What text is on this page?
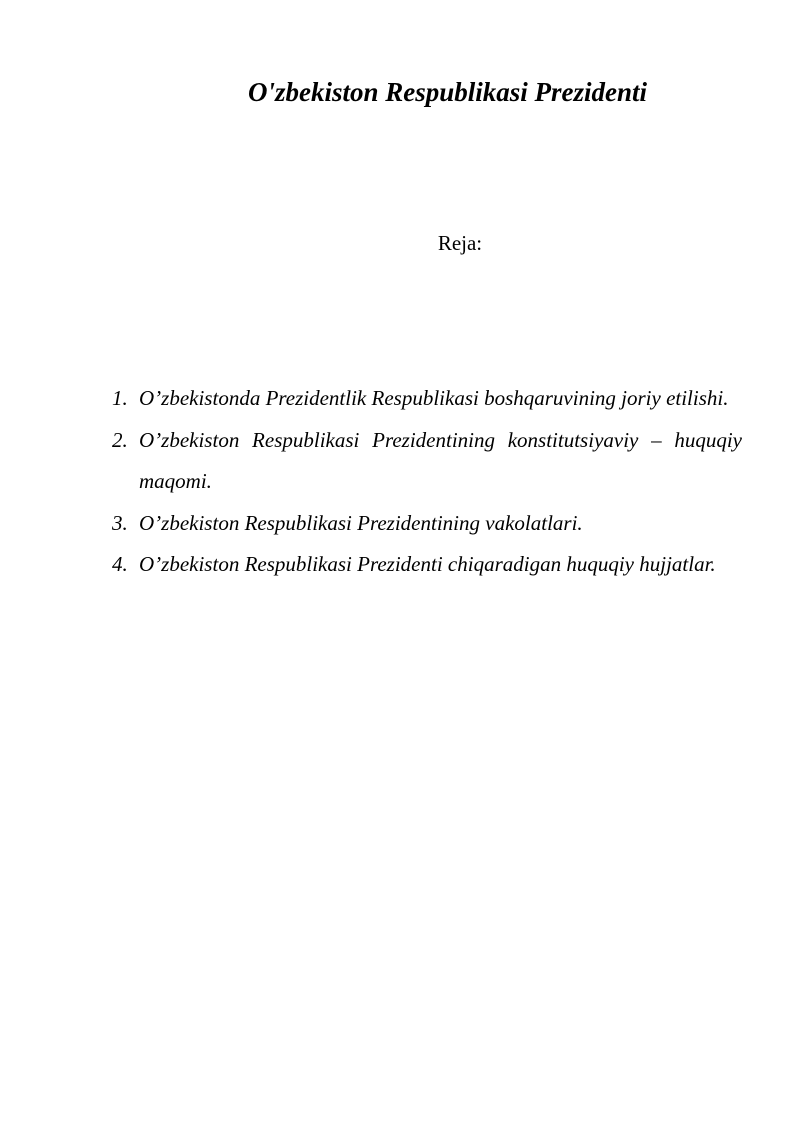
O'zbekiston Respublikasi Prezidenti
Reja:
1. O’zbekistonda Prezidentlik Respublikasi boshqaruvining joriy etilishi.
2. O’zbekiston Respublikasi Prezidentining konstitutsiyaviy – huquqiy maqomi.
3. O’zbekiston Respublikasi Prezidentining vakolatlari.
4. O’zbekiston Respublikasi Prezidenti chiqaradigan huquqiy hujjatlar.
